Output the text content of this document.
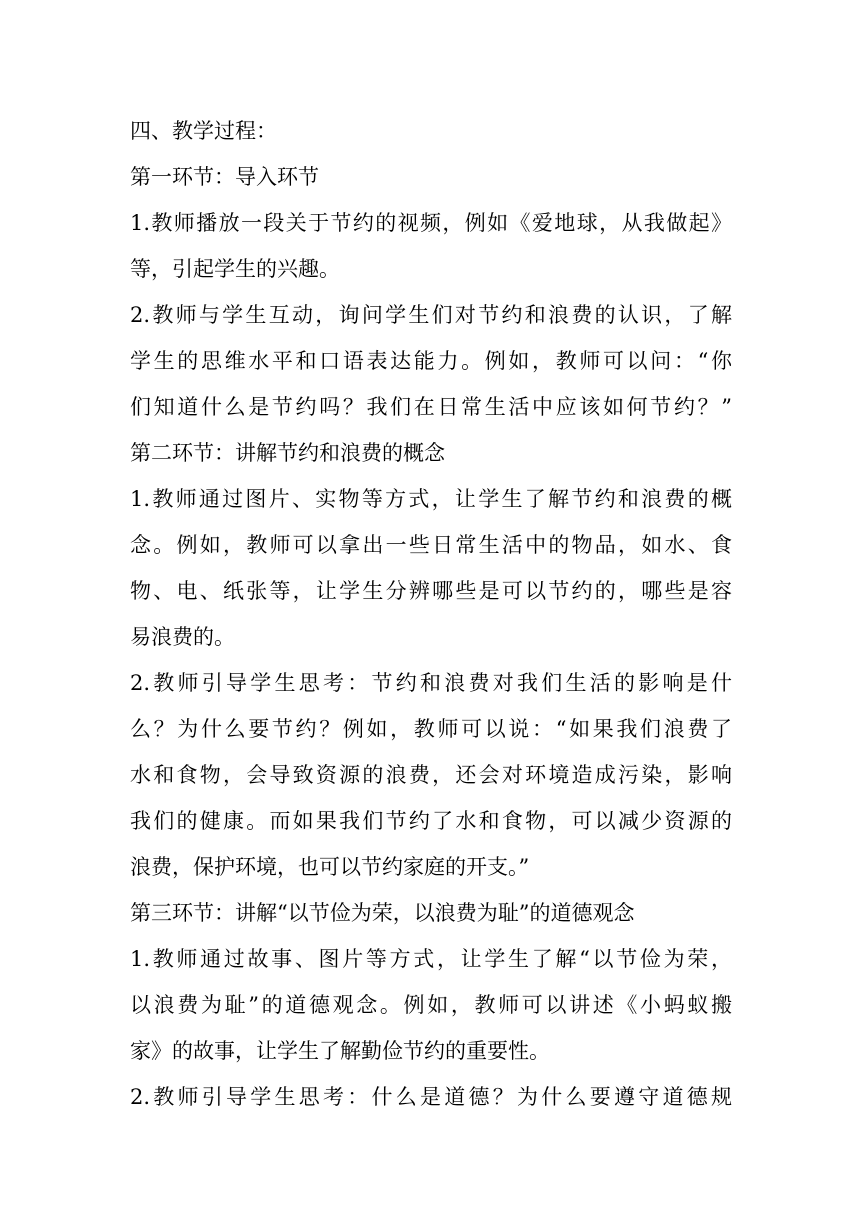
四、教学过程：
第一环节：导入环节
1.教师播放一段关于节约的视频，例如《爱地球，从我做起》
等，引起学生的兴趣。
2.教师与学生互动，询问学生们对节约和浪费的认识，了解
学生的思维水平和口语表达能力。例如，教师可以问：“你
们知道什么是节约吗？我们在日常生活中应该如何节约？”
第二环节：讲解节约和浪费的概念
1.教师通过图片、实物等方式，让学生了解节约和浪费的概
念。例如，教师可以拿出一些日常生活中的物品，如水、食
物、电、纸张等，让学生分辨哪些是可以节约的，哪些是容
易浪费的。
2.教师引导学生思考：节约和浪费对我们生活的影响是什
么？为什么要节约？例如，教师可以说：“如果我们浪费了
水和食物，会导致资源的浪费，还会对环境造成污染，影响
我们的健康。而如果我们节约了水和食物，可以减少资源的
浪费，保护环境，也可以节约家庭的开支。”
第三环节：讲解“以节俭为荣，以浪费为耻”的道德观念
1.教师通过故事、图片等方式，让学生了解“以节俭为荣，
以浪费为耻”的道德观念。例如，教师可以讲述《小蚂蚁搬
家》的故事，让学生了解勤俭节约的重要性。
2.教师引导学生思考：什么是道德？为什么要遵守道德规
